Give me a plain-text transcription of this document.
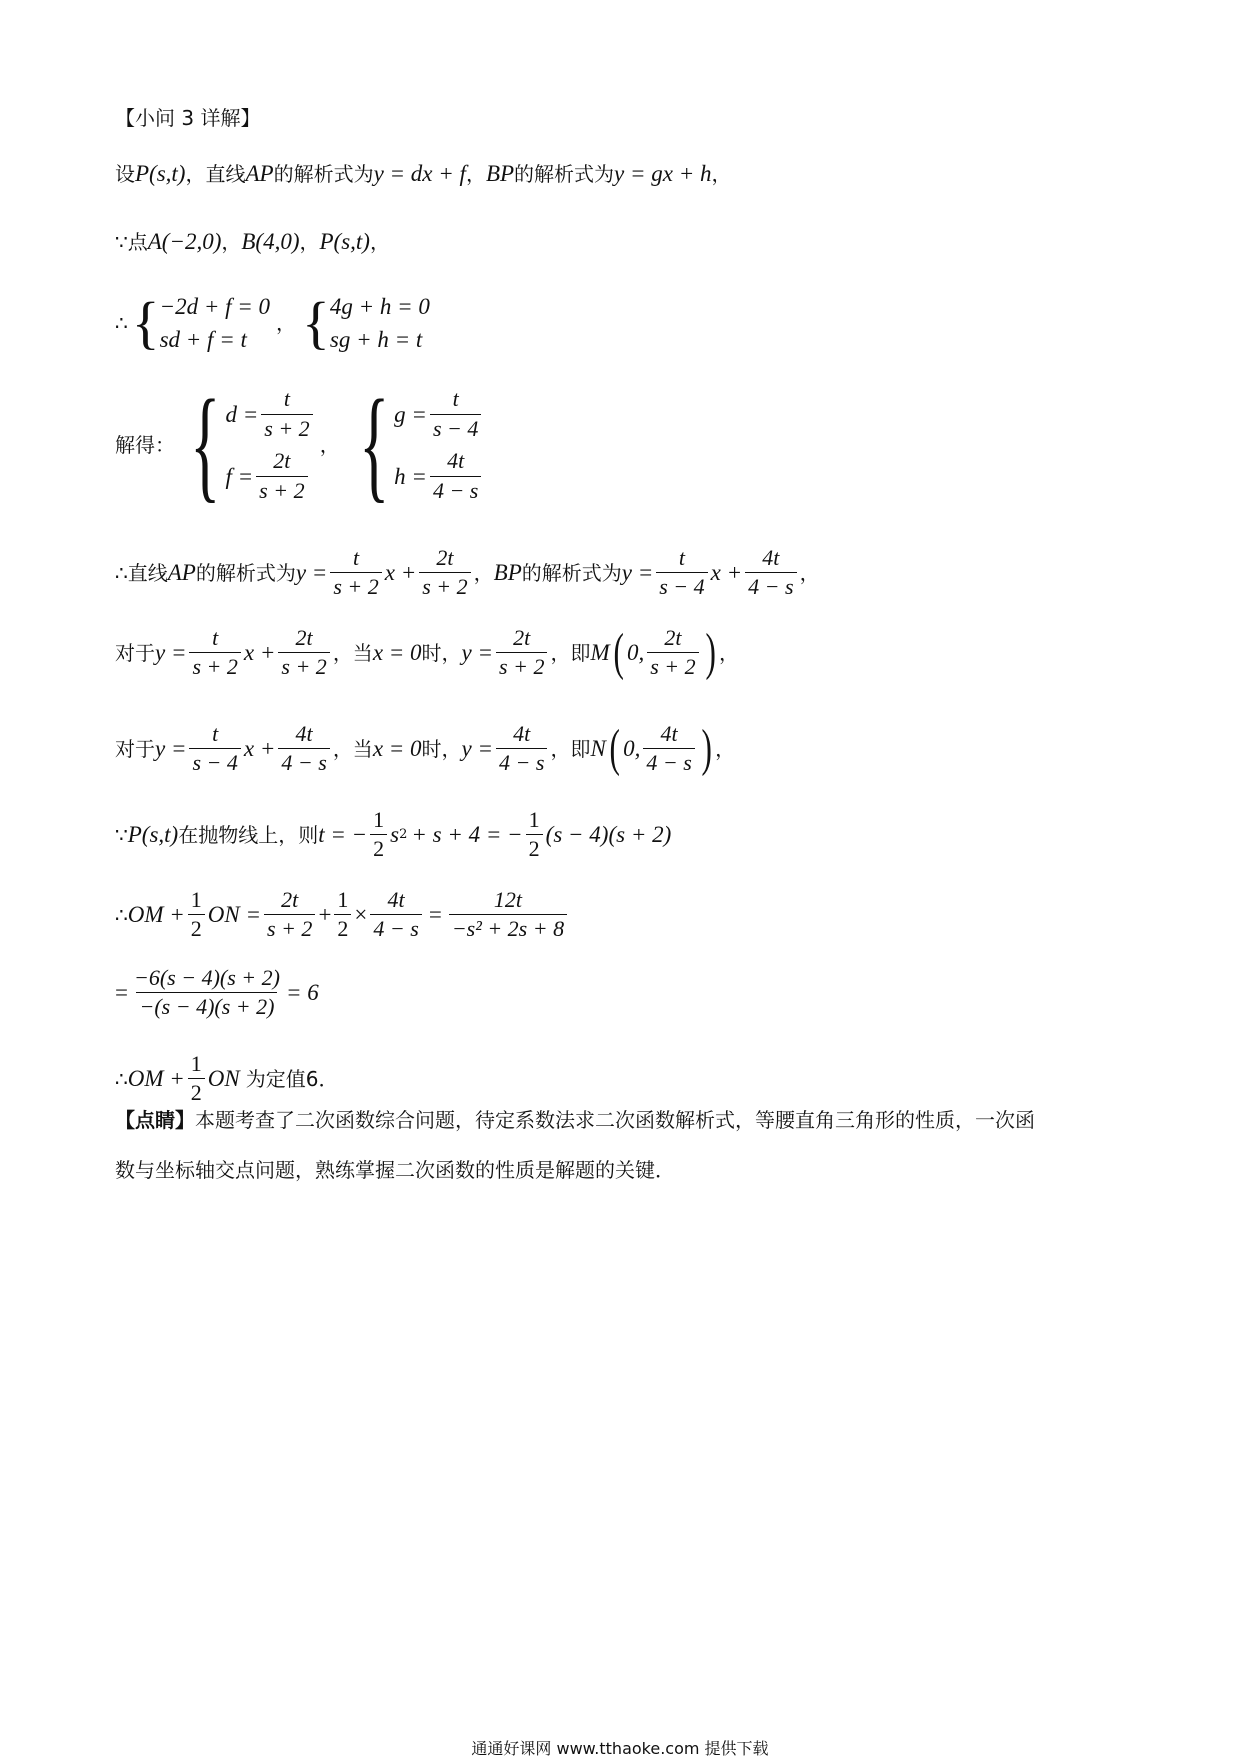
【小问 3 详解】
设 P(s,t) ，直线 AP 的解析式为 y = dx + f ， BP 的解析式为 y = gx + h ，
∵点 A(−2,0) ， B(4,0) ， P(s,t) ，
∴ { −2d + f = 0
sd + f = t
， { 4g + h = 0
sg + h = t
解得： { $d = \frac{t}{s + 2}$
$f = \frac{2t}{s + 2}$
， { $g = \frac{t}{s - 4}$
$h = \frac{4t}{4 - s}$
∴直线 AP 的解析式为 $y = \frac{t}{s + 2}$ $x + \frac{2t}{s + 2}$ ， BP 的解析式为 $y = \frac{t}{s - 4}$ $x + \frac{4t}{4 - s}$ ，
对于 $y = \frac{t}{s + 2}$ $x + \frac{2t}{s + 2}$ ，当 x = 0 时， $y = \frac{2t}{s + 2}$ ，即 M ( 0, $\frac{2t}{s + 2}$ ) ，
对于 $y = \frac{t}{s - 4}$ $x + \frac{4t}{4 - s}$ ，当 x = 0 时， $y = \frac{4t}{4 - s}$ ，即 N ( 0, $\frac{4t}{4 - s}$ ) ，
∵ P(s,t) 在抛物线上，则 t = − $\frac{1}{2}$ s 2 + s + 4 = − $\frac{1}{2} (s - 4)(s + 2)$
∴ OM + $\frac{1}{2}$ ON = $\frac{2t}{s + 2} + \frac{1}{2} \times \frac{4t}{4 - s} = \frac{12t}{\text{−s² + 2s + 8}}$
= $\frac{-6(s - 4)(s + 2)}{-(s - 4)(s + 2)} = 6$
∴ OM + $\frac{1}{2}$ ON 为定值6．
【点睛】 本题考查了二次函数综合问题，待定系数法求二次函数解析式，等腰直角三角形的性质，一次函
数与坐标轴交点问题，熟练掌握二次函数的性质是解题的关键．
通通好课网 www.tthaoke.com 提供下载
